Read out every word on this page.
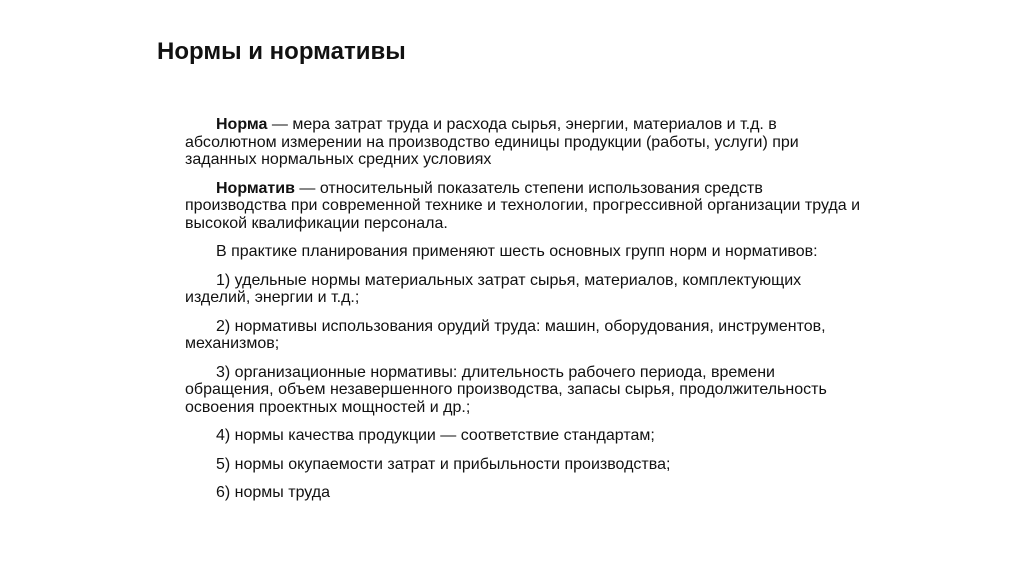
Нормы и нормативы

Норма — мера затрат труда и расхода сырья, энергии, материалов и т.д. в абсолютном измерении на производство единицы продукции (работы, услуги) при заданных нормальных средних условиях

Норматив — относительный показатель степени использования средств производства при современной технике и технологии, прогрессивной организации труда и высокой квалификации персонала.

В практике планирования применяют шесть основных групп норм и нормативов:

1) удельные нормы материальных затрат сырья, материалов, комплектующих изделий, энергии и т.д.;

2) нормативы использования орудий труда: машин, оборудования, инструментов, механизмов;

3) организационные нормативы: длительность рабочего периода, времени обращения, объем незавершенного производства, запасы сырья, продолжительность освоения проектных мощностей и др.;

4) нормы качества продукции — соответствие стандартам;

5) нормы окупаемости затрат и прибыльности производства;

6) нормы труда
